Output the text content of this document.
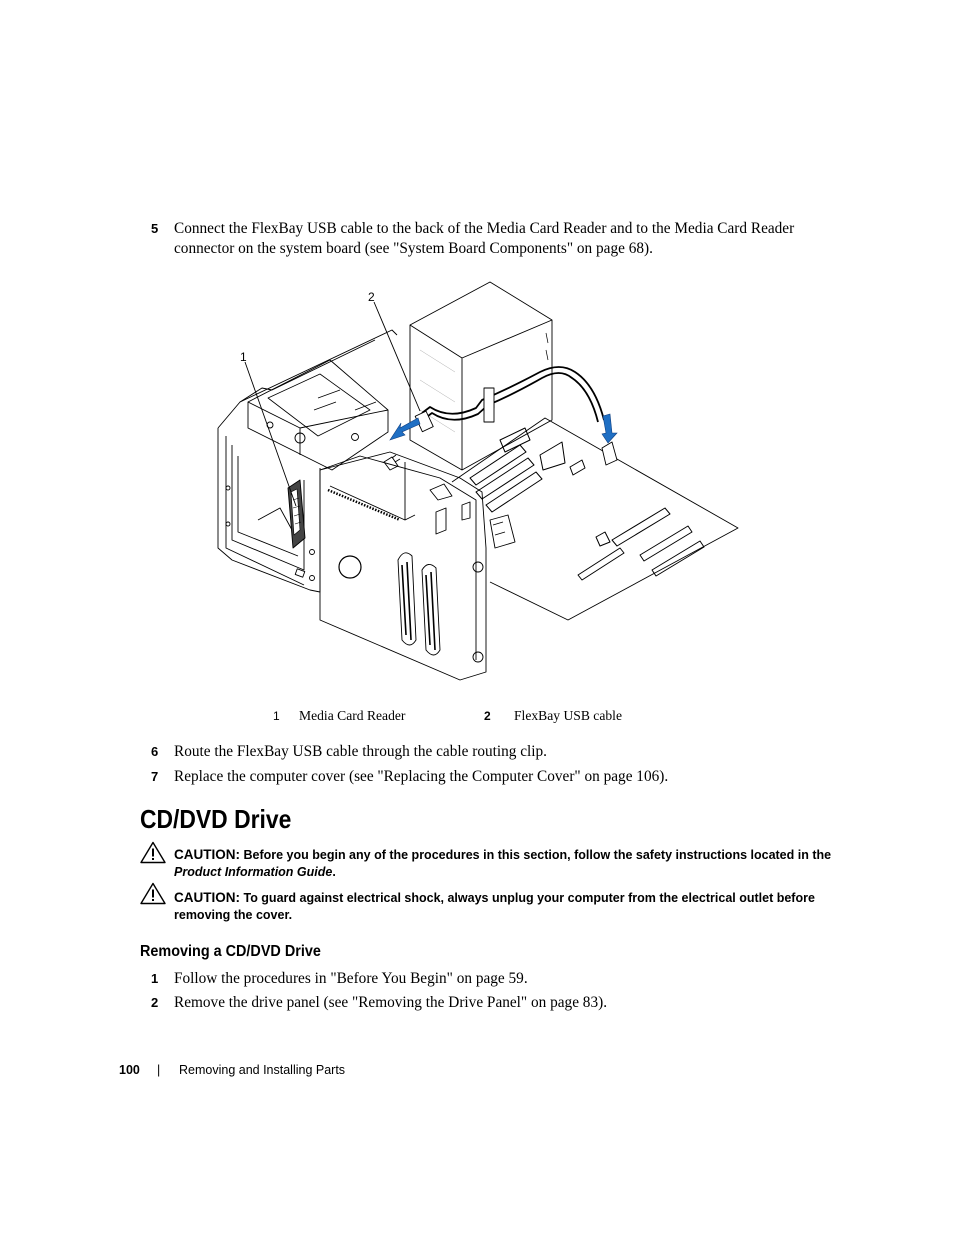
5	Connect the FlexBay USB cable to the back of the Media Card Reader and to the Media Card Reader connector on the system board (see "System Board Components" on page 68).
1
2
1 Media Card Reader	2 FlexBay USB cable
6	Route the FlexBay USB cable through the cable routing clip.
7	Replace the computer cover (see "Replacing the Computer Cover" on page 106).
CD/DVD Drive
CAUTION: Before you begin any of the procedures in this section, follow the safety instructions located in the Product Information Guide.
CAUTION: To guard against electrical shock, always unplug your computer from the electrical outlet before removing the cover.
Removing a CD/DVD Drive
1	Follow the procedures in "Before You Begin" on page 59.
2	Remove the drive panel (see "Removing the Drive Panel" on page 83).
100 | Removing and Installing Parts
